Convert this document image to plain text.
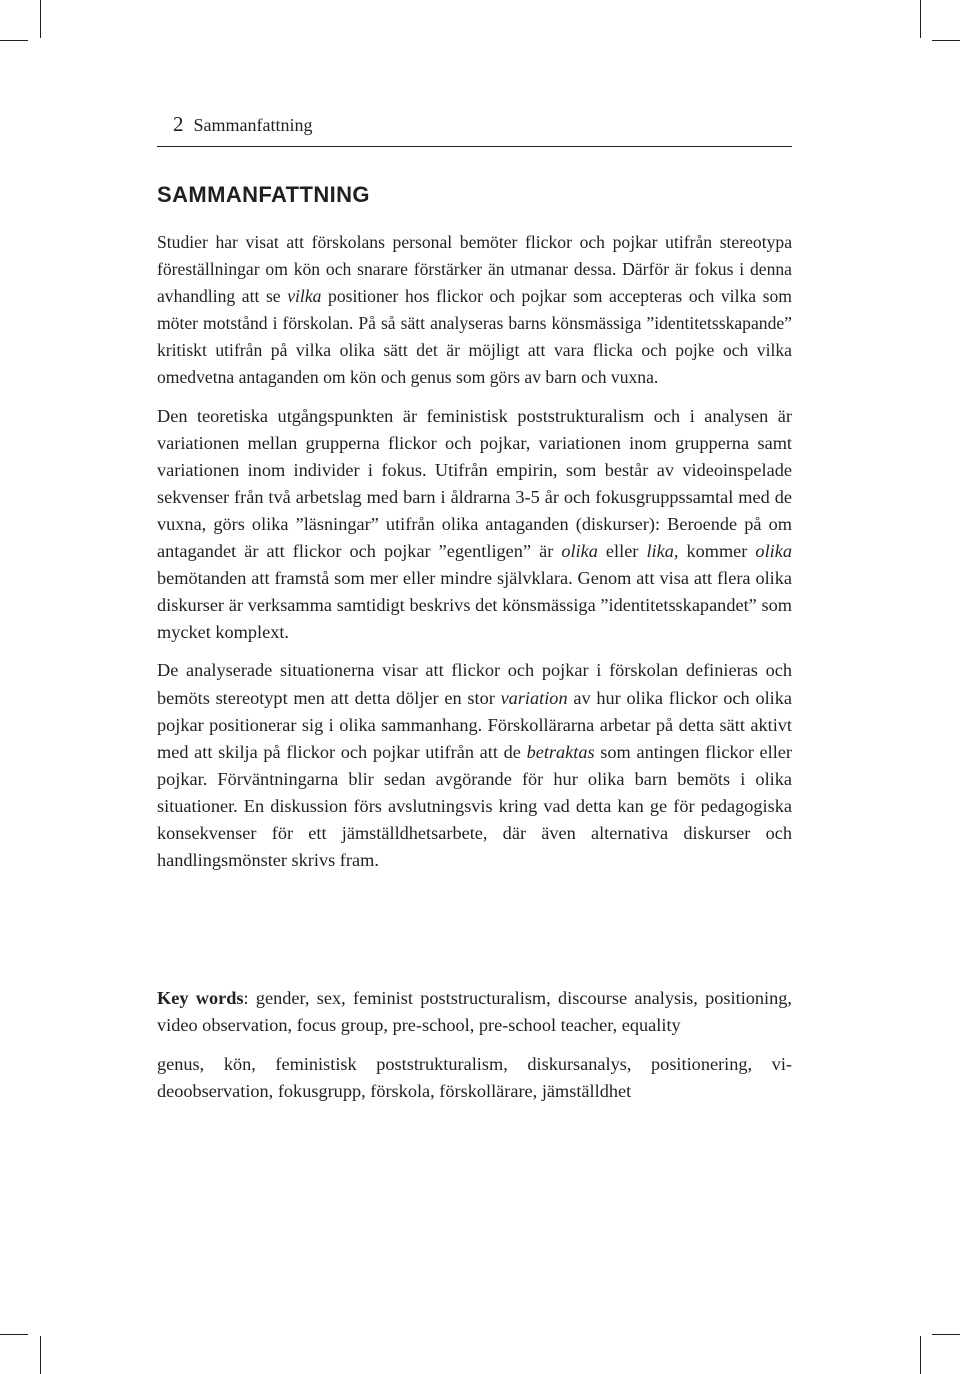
2 Sammanfattning
SAMMANFATTNING

Studier har visat att förskolans personal bemöter flickor och pojkar utifrån stereotypa föreställningar om kön och snarare förstärker än utmanar dessa. Därför är fokus i denna avhandling att se vilka positioner hos flickor och pojkar som accepteras och vilka som möter motstånd i förskolan. På så sätt analyseras barns könsmässiga ”identitetsskapande” kritiskt utifrån på vilka olika sätt det är möjligt att vara flicka och pojke och vilka omedvetna antaganden om kön och genus som görs av barn och vuxna.

Den teoretiska utgångspunkten är feministisk poststrukturalism och i analysen är variationen mellan grupperna flickor och pojkar, variationen inom grupperna samt variationen inom individer i fokus. Utifrån empirin, som består av videoinspelade sekvenser från två arbetslag med barn i åldrarna 3-5 år och fokusgruppssamtal med de vuxna, görs olika ”läsningar” utifrån olika antaganden (diskurser): Beroende på om antagandet är att flickor och pojkar ”egentligen” är olika eller lika, kommer olika bemötanden att framstå som mer eller mindre självklara. Genom att visa att flera olika diskurser är verksamma samtidigt beskrivs det könsmässiga ”identitetsskapandet” som mycket komplext.

De analyserade situationerna visar att flickor och pojkar i förskolan definieras och bemöts stereotypt men att detta döljer en stor variation av hur olika flickor och olika pojkar positionerar sig i olika sammanhang. Förskollärarna arbetar på detta sätt aktivt med att skilja på flickor och pojkar utifrån att de betraktas som antingen flickor eller pojkar. Förväntningarna blir sedan avgörande för hur olika barn bemöts i olika situationer. En diskussion förs avslutningsvis kring vad detta kan ge för pedagogiska konsekvenser för ett jämställdhetsarbete, där även alternativa diskurser och handlingsmönster skrivs fram.

Key words: gender, sex, feminist poststructuralism, discourse analysis, positioning, video observation, focus group, pre-school, pre-school teacher, equality

genus, kön, feministisk poststrukturalism, diskursanalys, positionering, videoobservation, fokusgrupp, förskola, förskollärare, jämställdhet
